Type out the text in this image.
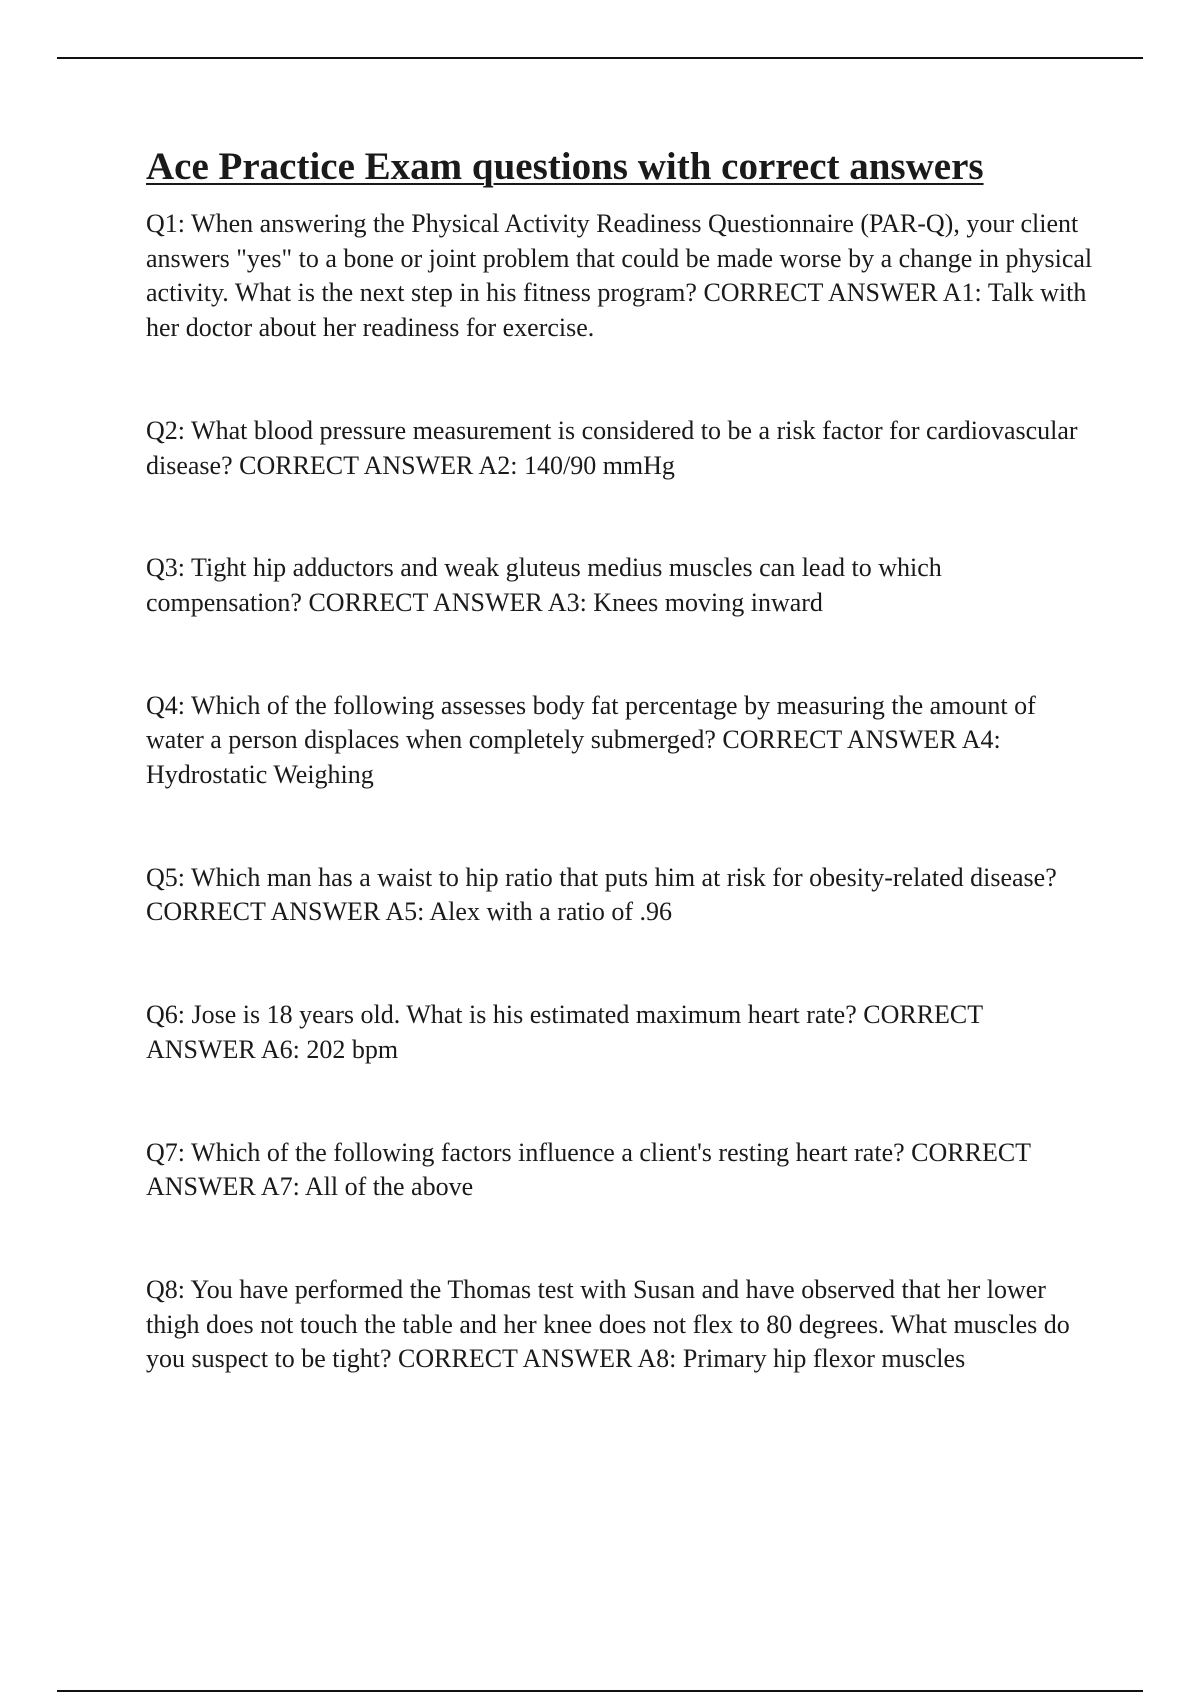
Ace Practice Exam questions with correct answers
Q1: When answering the Physical Activity Readiness Questionnaire (PAR-Q), your client answers "yes" to a bone or joint problem that could be made worse by a change in physical activity. What is the next step in his fitness program? CORRECT ANSWER A1: Talk with her doctor about her readiness for exercise.
Q2: What blood pressure measurement is considered to be a risk factor for cardiovascular disease? CORRECT ANSWER A2: 140/90 mmHg
Q3: Tight hip adductors and weak gluteus medius muscles can lead to which compensation? CORRECT ANSWER A3: Knees moving inward
Q4: Which of the following assesses body fat percentage by measuring the amount of water a person displaces when completely submerged? CORRECT ANSWER A4: Hydrostatic Weighing
Q5: Which man has a waist to hip ratio that puts him at risk for obesity-related disease? CORRECT ANSWER A5: Alex with a ratio of .96
Q6: Jose is 18 years old. What is his estimated maximum heart rate? CORRECT ANSWER A6: 202 bpm
Q7: Which of the following factors influence a client's resting heart rate? CORRECT ANSWER A7: All of the above
Q8: You have performed the Thomas test with Susan and have observed that her lower thigh does not touch the table and her knee does not flex to 80 degrees. What muscles do you suspect to be tight? CORRECT ANSWER A8: Primary hip flexor muscles
